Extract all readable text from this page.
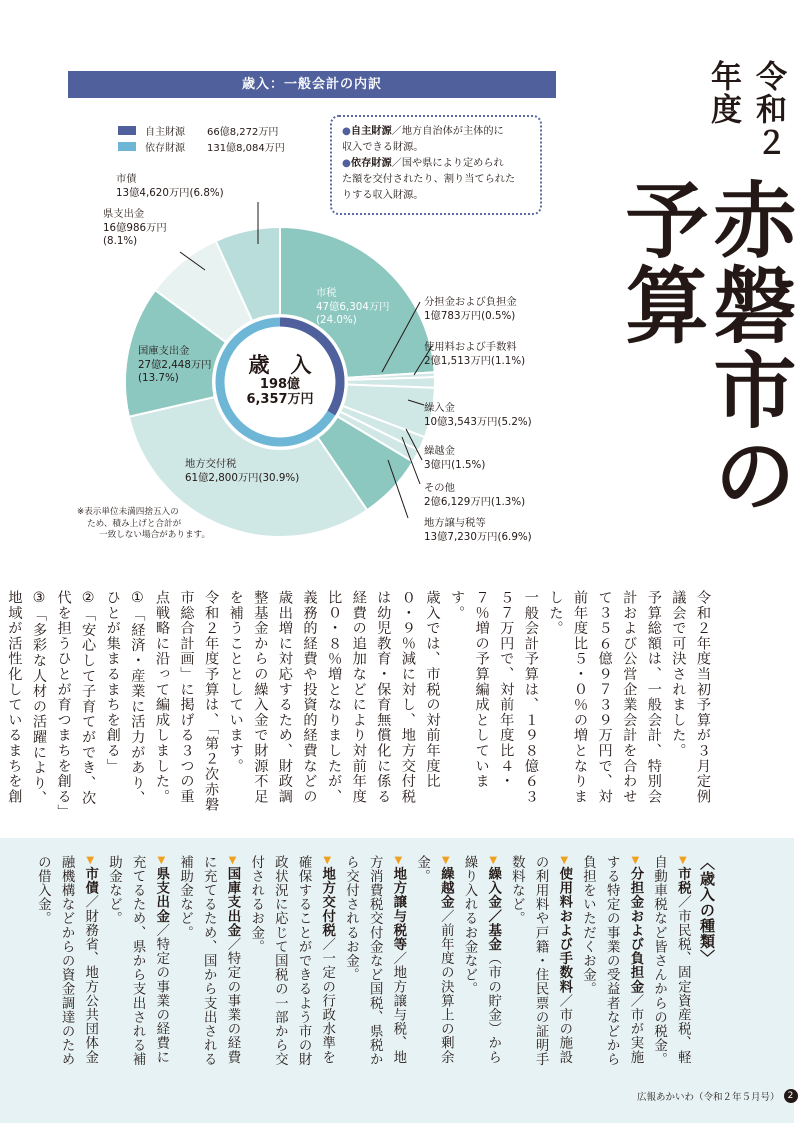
歳入：一般会計の内訳
自主財源	66億8,272万円
依存財源	131億8,084万円
●自主財源／地方自治体が主体的に
収入できる財源。
●依存財源／国や県により定められ
た額を交付されたり、割り当てられた
りする収入財源。
歳　入
198億
6,357万円
市税
47億6,304万円
(24.0%)
分担金および負担金
1億783万円(0.5%)
使用料および手数料
2億1,513万円(1.1%)
繰入金
10億3,543万円(5.2%)
繰越金
3億円(1.5%)
その他
2億6,129万円(1.3%)
地方譲与税等
13億7,230万円(6.9%)
地方交付税
61億2,800万円(30.9%)
国庫支出金
27億2,448万円
(13.7%)
県支出金
16億986万円
(8.1%)
市債
13億4,620万円(6.8%)
※表示単位未満四捨五入の
ため、積み上げと合計が
一致しない場合があります。
令和２年度
赤磐市の予算

令和２年度当初予算が３月定例議会で可決されました。

予算総額は、一般会計、特別会計および公営企業会計を合わせて３５６億９７３９万円で、対前年度比５・０％の増となりました。

一般会計予算は、１９８億６３５７万円で、対前年度比４・７％増の予算編成としています。

歳入では、市税の対前年度比０・９％減に対し、地方交付税は幼児教育・保育無償化に係る経費の追加などにより対前年度比０・８％増となりましたが、義務的経費や投資的経費などの歳出増に対応するため、財政調整基金からの繰入金で財源不足を補うこととしています。

令和２年度予算は、「第２次赤磐市総合計画」に掲げる３つの重点戦略に沿って編成しました。

①「経済・産業に活力があり、ひとが集まるまちを創る」

②「安心して子育てができ、次代を担うひとが育つまちを創る」

③「多彩な人材の活躍により、地域が活性化しているまちを創

〈歳入の種類〉

▼市税／市民税、固定資産税、軽自動車税など皆さんからの税金。

▼分担金および負担金／市が実施する特定の事業の受益者などから負担をいただくお金。

▼使用料および手数料／市の施設の利用料や戸籍・住民票の証明手数料など。

▼繰入金／基金（市の貯金）から繰り入れるお金など。

▼繰越金／前年度の決算上の剰余金。

▼地方譲与税等／地方譲与税、地方消費税交付金など国税、県税から交付されるお金。

▼地方交付税／一定の行政水準を確保することができるよう市の財政状況に応じて国税の一部から交付されるお金。

▼国庫支出金／特定の事業の経費に充てるため、国から支出される補助金など。

▼県支出金／特定の事業の経費に充てるため、県から支出される補助金など。

▼市債／財務省、地方公共団体金融機構などからの資金調達のための借入金。

広報あかいわ（令和２年５月号） 2
